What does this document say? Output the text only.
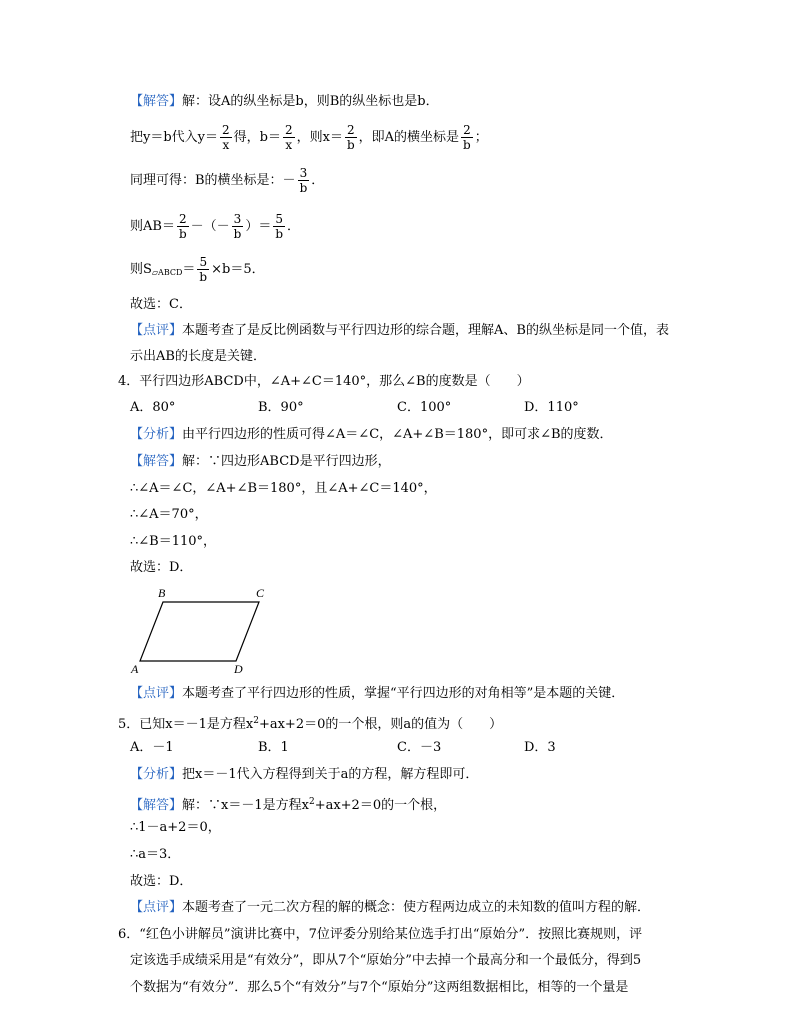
【解答】解：设A的纵坐标是b，则B的纵坐标也是b．
把y＝b代入$y= \frac{2}{x}$ 得，$b= \frac{2}{x}$ ，则$x= \frac{2}{b}$ ，即A的横坐标是 $\frac{2}{b}$ ；
同理可得：B的横坐标是：－ $\frac{3}{b}$ ．
则$AB= \frac{2}{b}$ －（－ $\frac{3}{b}$ ）＝ $\frac{5}{b}$ ．
则$S_{▱ABCD}= \frac{5}{b} \times b=5$．
故选：C．
【点评】本题考查了是反比例函数与平行四边形的综合题，理解A、B的纵坐标是同一个值，表
示出AB的长度是关键．
4．平行四边形ABCD中，∠A+∠C＝140°，那么∠B的度数是（　　）
A．80°	B．90°	C．100°	D．110°
【分析】由平行四边形的性质可得∠A＝∠C，∠A+∠B＝180°，即可求∠B的度数．
【解答】解：∵四边形ABCD是平行四边形，
∴∠A＝∠C，∠A+∠B＝180°，且∠A+∠C＝140°，
∴∠A＝70°，
∴∠B＝110°，
故选：D．
B	C
A	D
【点评】本题考查了平行四边形的性质，掌握“平行四边形的对角相等”是本题的关键．
5．已知x＝－1是方程$x^2+ax+2=0$的一个根，则a的值为（　　）
A．－1	B．1	C．－3	D．3
【分析】把x＝－1代入方程得到关于a的方程，解方程即可．
【解答】解：∵x＝－1是方程$x^2+ax+2=0$的一个根，
∴1－a+2＝0，
∴a＝3．
故选：D．
【点评】本题考查了一元二次方程的解的概念：使方程两边成立的未知数的值叫方程的解．
6．“红色小讲解员”演讲比赛中，7位评委分别给某位选手打出“原始分”．按照比赛规则，评
定该选手成绩采用是“有效分”，即从7个“原始分”中去掉一个最高分和一个最低分，得到5
个数据为“有效分”．那么5个“有效分”与7个“原始分”这两组数据相比，相等的一个量是
